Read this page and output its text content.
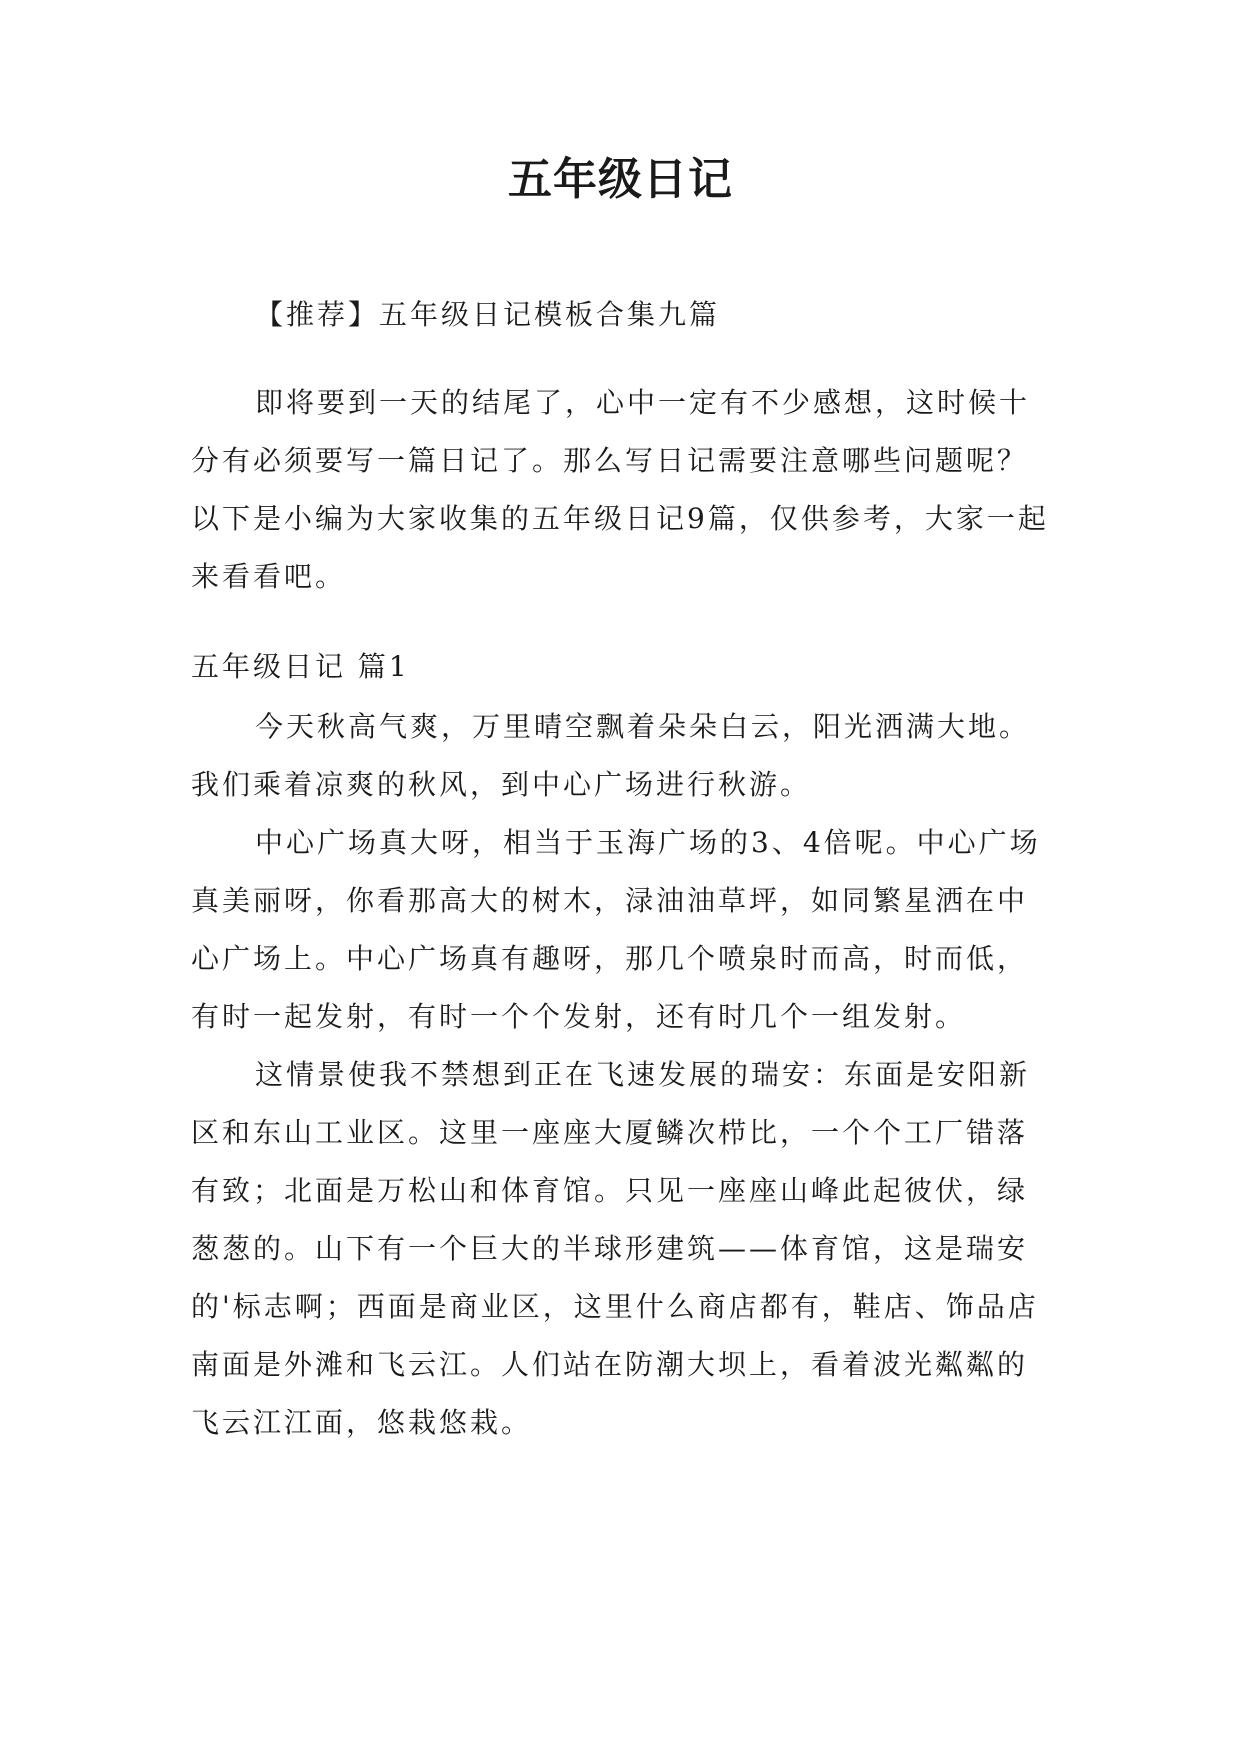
五年级日记

【推荐】五年级日记模板合集九篇

即将要到一天的结尾了，心中一定有不少感想，这时候十分有必须要写一篇日记了。那么写日记需要注意哪些问题呢？以下是小编为大家收集的五年级日记9篇，仅供参考，大家一起来看看吧。

五年级日记 篇1

今天秋高气爽，万里晴空飘着朵朵白云，阳光洒满大地。我们乘着凉爽的秋风，到中心广场进行秋游。

中心广场真大呀，相当于玉海广场的3、4倍呢。中心广场真美丽呀，你看那高大的树木，渌油油草坪，如同繁星洒在中心广场上。中心广场真有趣呀，那几个喷泉时而高，时而低，有时一起发射，有时一个个发射，还有时几个一组发射。

这情景使我不禁想到正在飞速发展的瑞安：东面是安阳新区和东山工业区。这里一座座大厦鳞次栉比，一个个工厂错落有致；北面是万松山和体育馆。只见一座座山峰此起彼伏，绿葱葱的。山下有一个巨大的半球形建筑——体育馆，这是瑞安的'标志啊；西面是商业区，这里什么商店都有，鞋店、饰品店南面是外滩和飞云江。人们站在防潮大坝上，看着波光粼粼的飞云江江面，悠栽悠栽。
